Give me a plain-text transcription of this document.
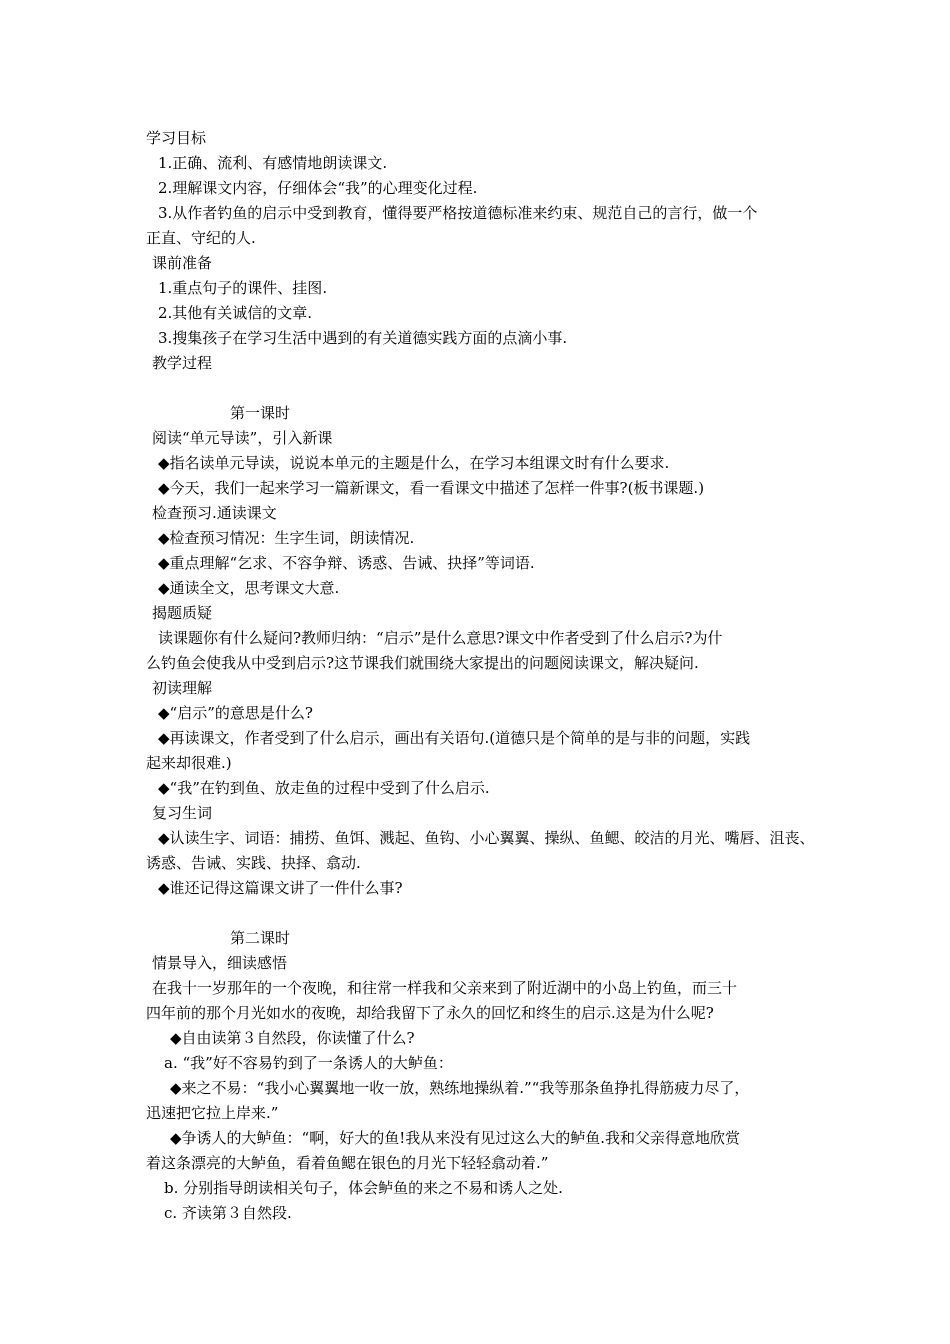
学习目标
1.正确、流利、有感情地朗读课文.
2.理解课文内容，仔细体会“我”的心理变化过程.
3.从作者钓鱼的启示中受到教育，懂得要严格按道德标准来约束、规范自己的言行，做一个
正直、守纪的人.
课前准备
1.重点句子的课件、挂图.
2.其他有关诚信的文章.
3.搜集孩子在学习生活中遇到的有关道德实践方面的点滴小事.
教学过程
第一课时
阅读“单元导读”，引入新课
◆指名读单元导读，说说本单元的主题是什么，在学习本组课文时有什么要求.
◆今天，我们一起来学习一篇新课文，看一看课文中描述了怎样一件事?(板书课题.)
检查预习.通读课文
◆检查预习情况：生字生词，朗读情况.
◆重点理解“乞求、不容争辩、诱惑、告诫、抉择”等词语.
◆通读全文，思考课文大意.
揭题质疑
读课题你有什么疑问?教师归纳：“启示”是什么意思?课文中作者受到了什么启示?为什
么钓鱼会使我从中受到启示?这节课我们就围绕大家提出的问题阅读课文，解决疑问.
初读理解
◆“启示”的意思是什么?
◆再读课文，作者受到了什么启示，画出有关语句.(道德只是个简单的是与非的问题，实践
起来却很难.)
◆“我”在钓到鱼、放走鱼的过程中受到了什么启示.
复习生词
◆认读生字、词语：捕捞、鱼饵、溅起、鱼钩、小心翼翼、操纵、鱼鳃、皎洁的月光、嘴唇、沮丧、
诱惑、告诫、实践、抉择、翕动.
◆谁还记得这篇课文讲了一件什么事?
第二课时
情景导入，细读感悟
在我十一岁那年的一个夜晚，和往常一样我和父亲来到了附近湖中的小岛上钓鱼，而三十
四年前的那个月光如水的夜晚，却给我留下了永久的回忆和终生的启示.这是为什么呢?
◆自由读第３自然段，你读懂了什么?
a. “我”好不容易钓到了一条诱人的大鲈鱼：
◆来之不易：“我小心翼翼地一收一放，熟练地操纵着.”“我等那条鱼挣扎得筋疲力尽了，
迅速把它拉上岸来.”
◆争诱人的大鲈鱼：“啊，好大的鱼!我从来没有见过这么大的鲈鱼.我和父亲得意地欣赏
着这条漂亮的大鲈鱼，看着鱼鳃在银色的月光下轻轻翕动着.”
b. 分别指导朗读相关句子，体会鲈鱼的来之不易和诱人之处.
c. 齐读第３自然段.
